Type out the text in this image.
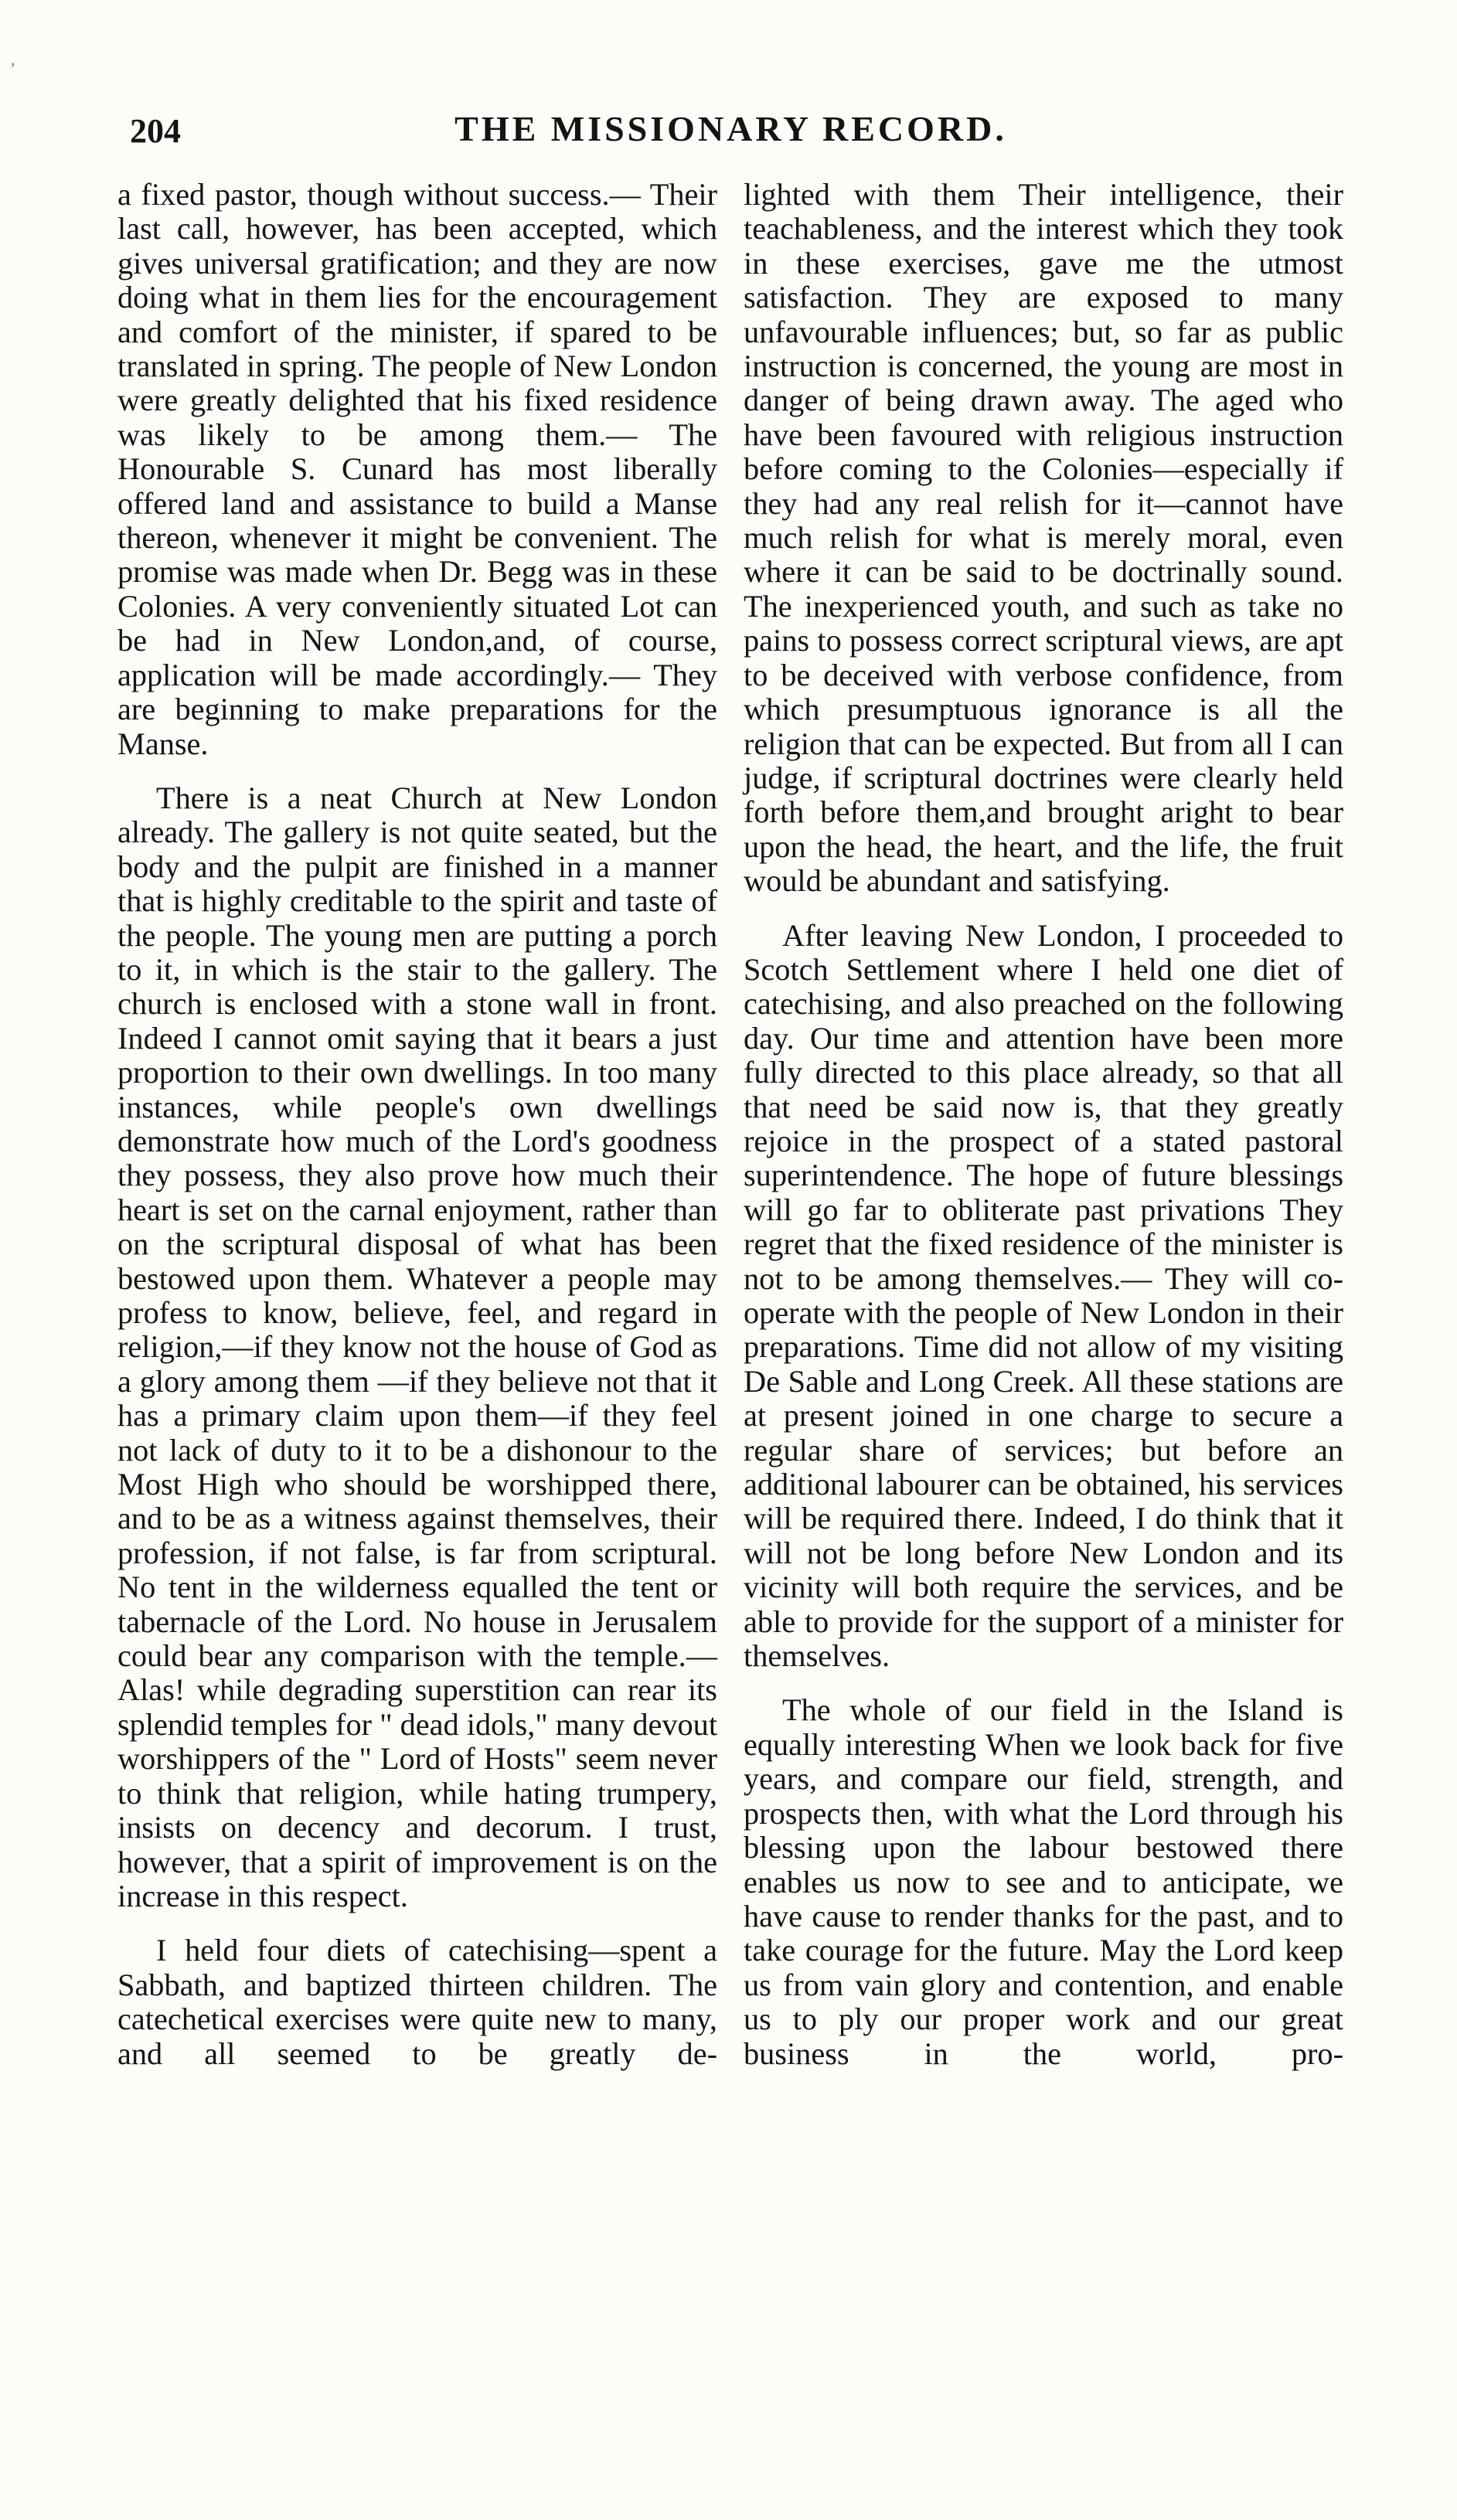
,
204	THE MISSIONARY RECORD.

a fixed pastor, though without success.— Their last call, however, has been accepted, which gives universal gratification; and they are now doing what in them lies for the encouragement and comfort of the minister, if spared to be translated in spring. The people of New London were greatly delighted that his fixed residence was likely to be among them.— The Honourable S. Cunard has most liberally offered land and assistance to build a Manse thereon, whenever it might be convenient. The promise was made when Dr. Begg was in these Colonies. A very conveniently situated Lot can be had in New London,and, of course, application will be made accordingly.— They are beginning to make preparations for the Manse.

There is a neat Church at New London already. The gallery is not quite seated, but the body and the pulpit are finished in a manner that is highly creditable to the spirit and taste of the people. The young men are putting a porch to it, in which is the stair to the gallery. The church is enclosed with a stone wall in front. Indeed I cannot omit saying that it bears a just proportion to their own dwellings. In too many instances, while people's own dwellings demonstrate how much of the Lord's goodness they possess, they also prove how much their heart is set on the carnal enjoyment, rather than on the scriptural disposal of what has been bestowed upon them. Whatever a people may profess to know, believe, feel, and regard in religion,—if they know not the house of God as a glory among them —if they believe not that it has a primary claim upon them—if they feel not lack of duty to it to be a dishonour to the Most High who should be worshipped there, and to be as a witness against themselves, their profession, if not false, is far from scriptural. No tent in the wilderness equalled the tent or tabernacle of the Lord. No house in Jerusalem could bear any comparison with the temple.— Alas! while degrading superstition can rear its splendid temples for " dead idols," many devout worshippers of the " Lord of Hosts" seem never to think that religion, while hating trumpery, insists on decency and decorum. I trust, however, that a spirit of improvement is on the increase in this respect.

I held four diets of catechising—spent a Sabbath, and baptized thirteen children. The catechetical exercises were quite new to many, and all seemed to be greatly de-

lighted with them Their intelligence, their teachableness, and the interest which they took in these exercises, gave me the utmost satisfaction. They are exposed to many unfavourable influences; but, so far as public instruction is concerned, the young are most in danger of being drawn away. The aged who have been favoured with religious instruction before coming to the Colonies—especially if they had any real relish for it—cannot have much relish for what is merely moral, even where it can be said to be doctrinally sound. The inexperienced youth, and such as take no pains to possess correct scriptural views, are apt to be deceived with verbose confidence, from which presumptuous ignorance is all the religion that can be expected. But from all I can judge, if scriptural doctrines were clearly held forth before them,and brought aright to bear upon the head, the heart, and the life, the fruit would be abundant and satisfying.

After leaving New London, I proceeded to Scotch Settlement where I held one diet of catechising, and also preached on the following day. Our time and attention have been more fully directed to this place already, so that all that need be said now is, that they greatly rejoice in the prospect of a stated pastoral superintendence. The hope of future blessings will go far to obliterate past privations They regret that the fixed residence of the minister is not to be among themselves.— They will co-operate with the people of New London in their preparations. Time did not allow of my visiting De Sable and Long Creek. All these stations are at present joined in one charge to secure a regular share of services; but before an additional labourer can be obtained, his services will be required there. Indeed, I do think that it will not be long before New London and its vicinity will both require the services, and be able to provide for the support of a minister for themselves.

The whole of our field in the Island is equally interesting When we look back for five years, and compare our field, strength, and prospects then, with what the Lord through his blessing upon the labour bestowed there enables us now to see and to anticipate, we have cause to render thanks for the past, and to take courage for the future. May the Lord keep us from vain glory and contention, and enable us to ply our proper work and our great business in the world, pro-
